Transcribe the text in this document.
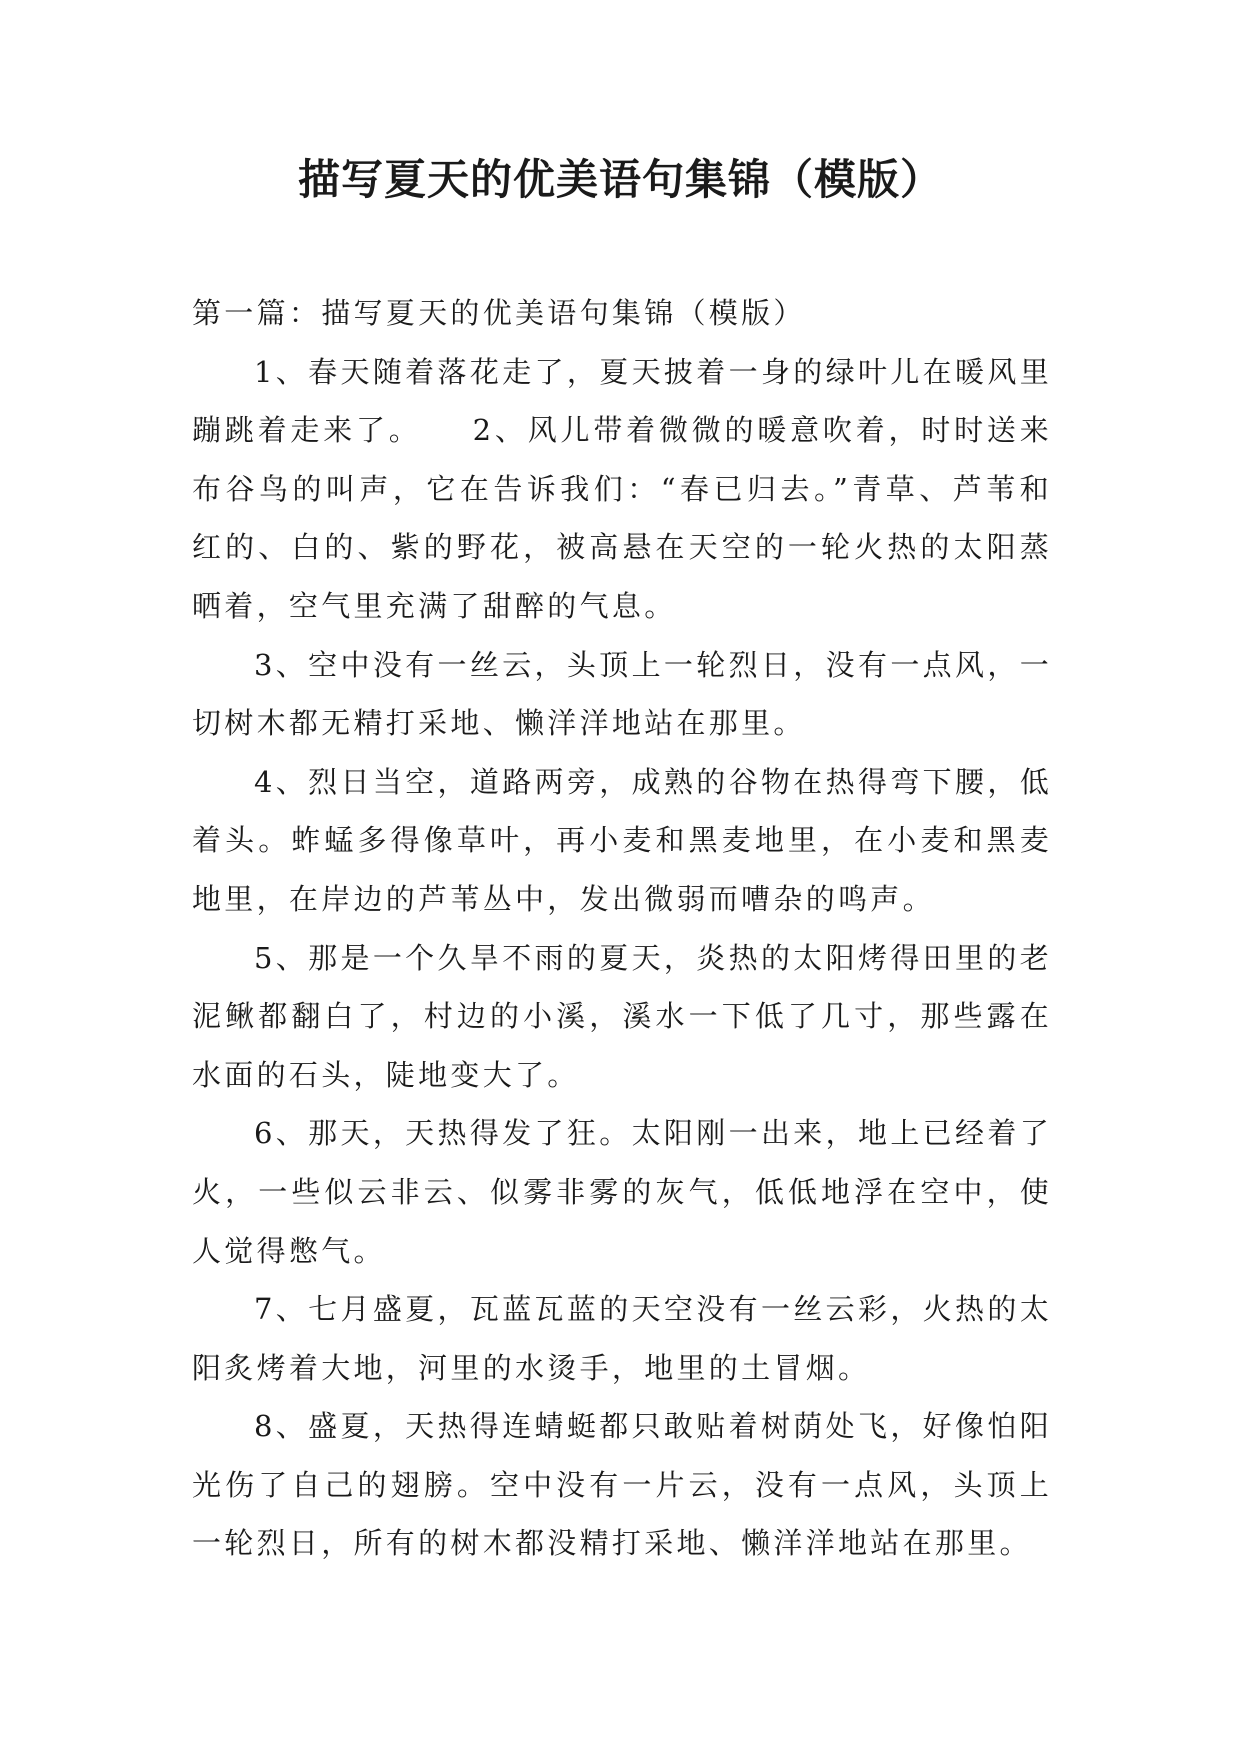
描写夏天的优美语句集锦（模版）

第一篇：描写夏天的优美语句集锦（模版）

1、春天随着落花走了，夏天披着一身的绿叶儿在暖风里蹦跳着走来了。　　2、风儿带着微微的暖意吹着，时时送来布谷鸟的叫声，它在告诉我们：“春已归去。”青草、芦苇和红的、白的、紫的野花，被高悬在天空的一轮火热的太阳蒸晒着，空气里充满了甜醉的气息。

3、空中没有一丝云，头顶上一轮烈日，没有一点风，一切树木都无精打采地、懒洋洋地站在那里。

4、烈日当空，道路两旁，成熟的谷物在热得弯下腰，低着头。蚱蜢多得像草叶，再小麦和黑麦地里，在小麦和黑麦地里，在岸边的芦苇丛中，发出微弱而嘈杂的鸣声。

5、那是一个久旱不雨的夏天，炎热的太阳烤得田里的老泥鳅都翻白了，村边的小溪，溪水一下低了几寸，那些露在水面的石头，陡地变大了。

6、那天，天热得发了狂。太阳刚一出来，地上已经着了火，一些似云非云、似雾非雾的灰气，低低地浮在空中，使人觉得憋气。

7、七月盛夏，瓦蓝瓦蓝的天空没有一丝云彩，火热的太阳炙烤着大地，河里的水烫手，地里的土冒烟。

8、盛夏，天热得连蜻蜓都只敢贴着树荫处飞，好像怕阳光伤了自己的翅膀。空中没有一片云，没有一点风，头顶上一轮烈日，所有的树木都没精打采地、懒洋洋地站在那里。
